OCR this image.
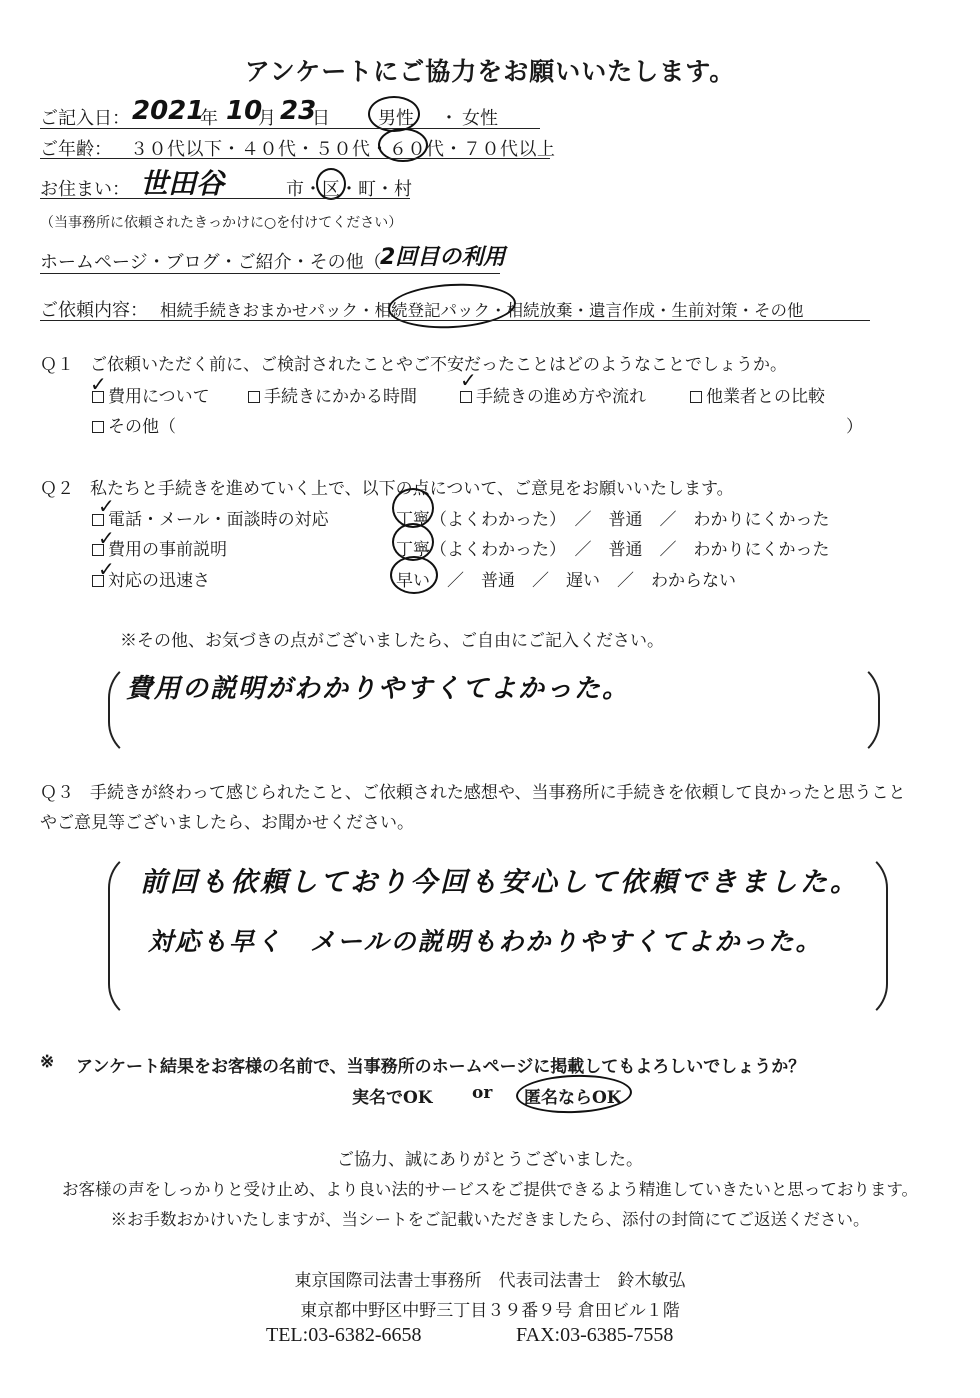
アンケートにご協力をお願いいたします。
ご記入日： 2021
年 10
月 23
日	男性 ・ 女性
ご年齢： ３０代以下・４０代・５０代・６０代・７０代以上
お住まい： 世田谷	市・区・町・村
（当事務所に依頼されたきっかけに○を付けてください）
ホームページ・ブログ・ご紹介・その他（
2回目の利用
ご依頼内容： 相続手続きおまかせパック・相続登記パック・相続放棄・遺言作成・生前対策・その他
Ｑ１ ご依頼いただく前に、ご検討されたことやご不安だったことはどのようなことでしょうか。
費用について	手続きにかかる時間	手続きの進め方や流れ	他業者との比較
その他（	）
✓	✓
Ｑ２ 私たちと手続きを進めていく上で、以下の点について、ご意見をお願いいたします。
電話・メール・面談時の対応	丁寧（よくわかった）　／　普通　／　わかりにくかった
費用の事前説明	丁寧（よくわかった）　／　普通　／　わかりにくかった
対応の迅速さ	早い　／　普通　／　遅い　／　わからない
✓
✓
✓
※その他、お気づきの点がございましたら、ご自由にご記入ください。
費用の説明がわかりやすくてよかった。
Ｑ３ 手続きが終わって感じられたこと、ご依頼された感想や、当事務所に手続きを依頼して良かったと思うこと
やご意見等ございましたら、お聞かせください。
前回も依頼しており今回も安心して依頼できました。
対応も早く　メールの説明もわかりやすくてよかった。
※ アンケート結果をお客様の名前で、当事務所のホームページに掲載してもよろしいでしょうか？
実名でOK or 匿名ならOK
ご協力、誠にありがとうございました。
お客様の声をしっかりと受け止め、より良い法的サービスをご提供できるよう精進していきたいと思っております。
※お手数おかけいたしますが、当シートをご記載いただきましたら、添付の封筒にてご返送ください。
東京国際司法書士事務所　代表司法書士　鈴木敏弘
東京都中野区中野三丁目３９番９号 倉田ビル１階
TEL:03-6382-6658	FAX:03-6385-7558
